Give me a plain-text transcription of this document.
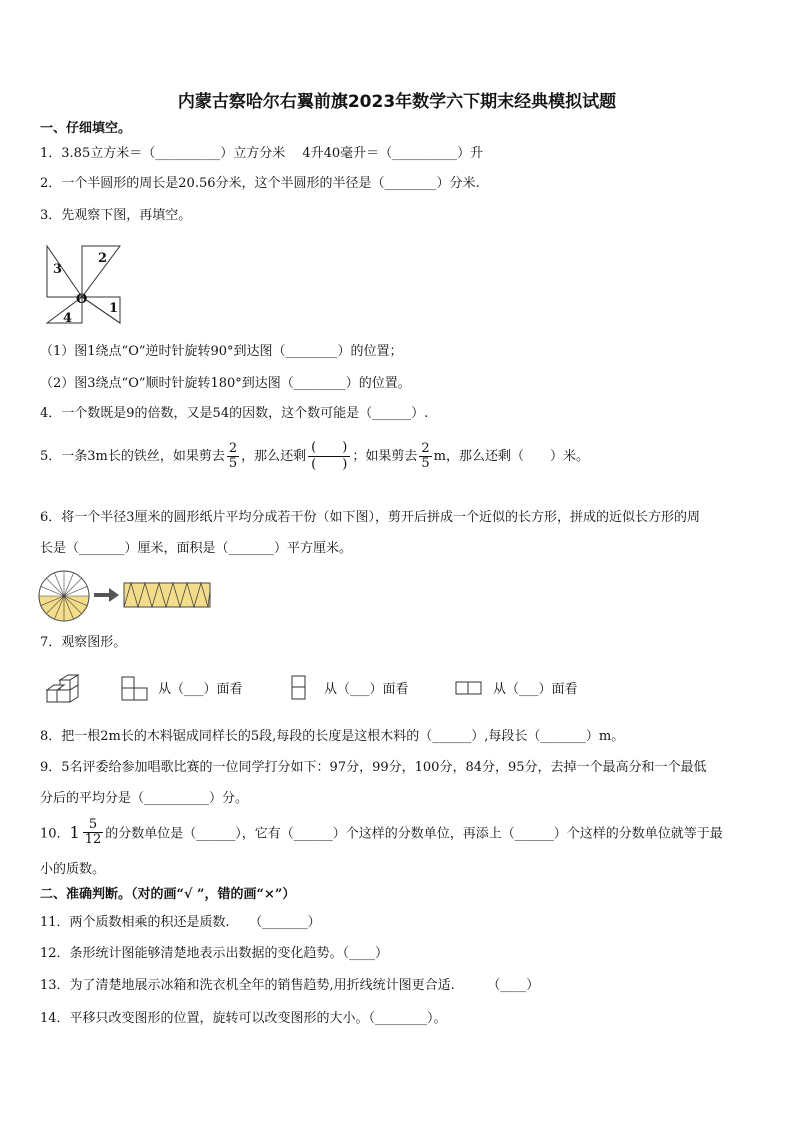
内蒙古察哈尔右翼前旗2023年数学六下期末经典模拟试题
一、仔细填空。
1．3.85立方米＝（__________）立方分米　 4升40毫升＝（__________）升
2．一个半圆形的周长是20.56分米，这个半圆形的半径是（________）分米.
3．先观察下图，再填空。
3
2
1
4
O
（1）图1绕点“O”逆时针旋转90°到达图（________）的位置；
（2）图3绕点“O”顺时针旋转180°到达图（________）的位置。
4．一个数既是9的倍数，又是54的因数，这个数可能是（______）.
5．一条3m长的铁丝，如果剪去 $\frac{2}{5}$ ，那么还剩 $\frac{( )}{( )}$ ；如果剪去 $\frac{2}{5}$ m，那么还剩（　　）米。
6．将一个半径3厘米的圆形纸片平均分成若干份（如下图），剪开后拼成一个近似的长方形，拼成的近似长方形的周
长是（_______）厘米，面积是（_______）平方厘米。
7．观察图形。
从（___）面看	从（___）面看	从（___）面看
8．把一根2m长的木料锯成同样长的5段,每段的长度是这根木料的（______）,每段长（_______）m。
9．5名评委给参加唱歌比赛的一位同学打分如下：97分，99分，100分，84分，95分，去掉一个最高分和一个最低
分后的平均分是（__________）分。
10． $1 \frac{5}{12}$ 的分数单位是（______），它有（______）个这样的分数单位，再添上（______）个这样的分数单位就等于最
小的质数。
二、准确判断。（对的画“√ ”，错的画“×”）
11．两个质数相乘的积还是质数.　　（_______）
12．条形统计图能够清楚地表示出数据的变化趋势。（____）
13．为了清楚地展示冰箱和洗衣机全年的销售趋势,用折线统计图更合适.　　　（____）
14．平移只改变图形的位置，旋转可以改变图形的大小。（________）。
